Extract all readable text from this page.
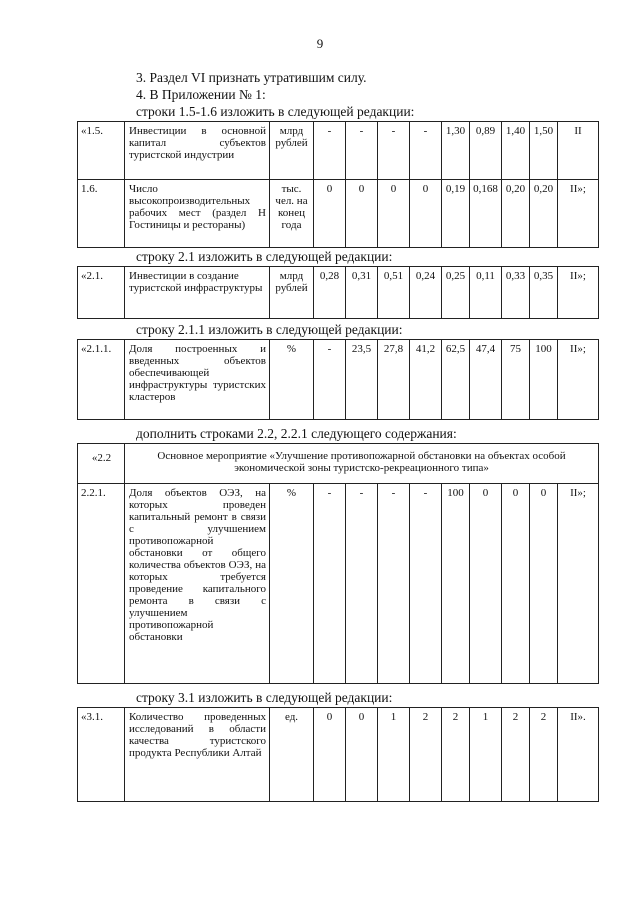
9
3. Раздел VI признать утратившим силу.
4. В Приложении № 1:
строки 1.5-1.6 изложить в следующей редакции:
«1.5.	Инвестиции в основной капитал субъектов туристской индустрии	млрд рублей	-	-	-	-	1,30	0,89	1,40	1,50	II
1.6.	Число высокопроизводительных рабочих мест (раздел Н Гостиницы и рестораны)	тыс. чел. на конец года	0	0	0	0	0,19	0,168	0,20	0,20	II»;
строку 2.1 изложить в следующей редакции:
«2.1.	Инвестиции в создание туристской инфраструктуры	млрд рублей	0,28	0,31	0,51	0,24	0,25	0,11	0,33	0,35	II»;
строку 2.1.1 изложить в следующей редакции:
«2.1.1.	Доля построенных и введенных объектов обеспечивающей инфраструктуры туристских кластеров	%	-	23,5	27,8	41,2	62,5	47,4	75	100	II»;
дополнить строками 2.2, 2.2.1 следующего содержания:
«2.2	Основное мероприятие «Улучшение противопожарной обстановки на объектах особой экономической зоны туристско-рекреационного типа»										
2.2.1.	Доля объектов ОЭЗ, на которых проведен капитальный ремонт в связи с улучшением противопожарной обстановки от общего количества объектов ОЭЗ, на которых требуется проведение капитального ремонта в связи с улучшением противопожарной обстановки	%	-	-	-	-	100	0	0	0	II»;
строку 3.1 изложить в следующей редакции:
«3.1.	Количество проведенных исследований в области качества туристского продукта Республики Алтай	ед.	0	0	1	2	2	1	2	2	II».
